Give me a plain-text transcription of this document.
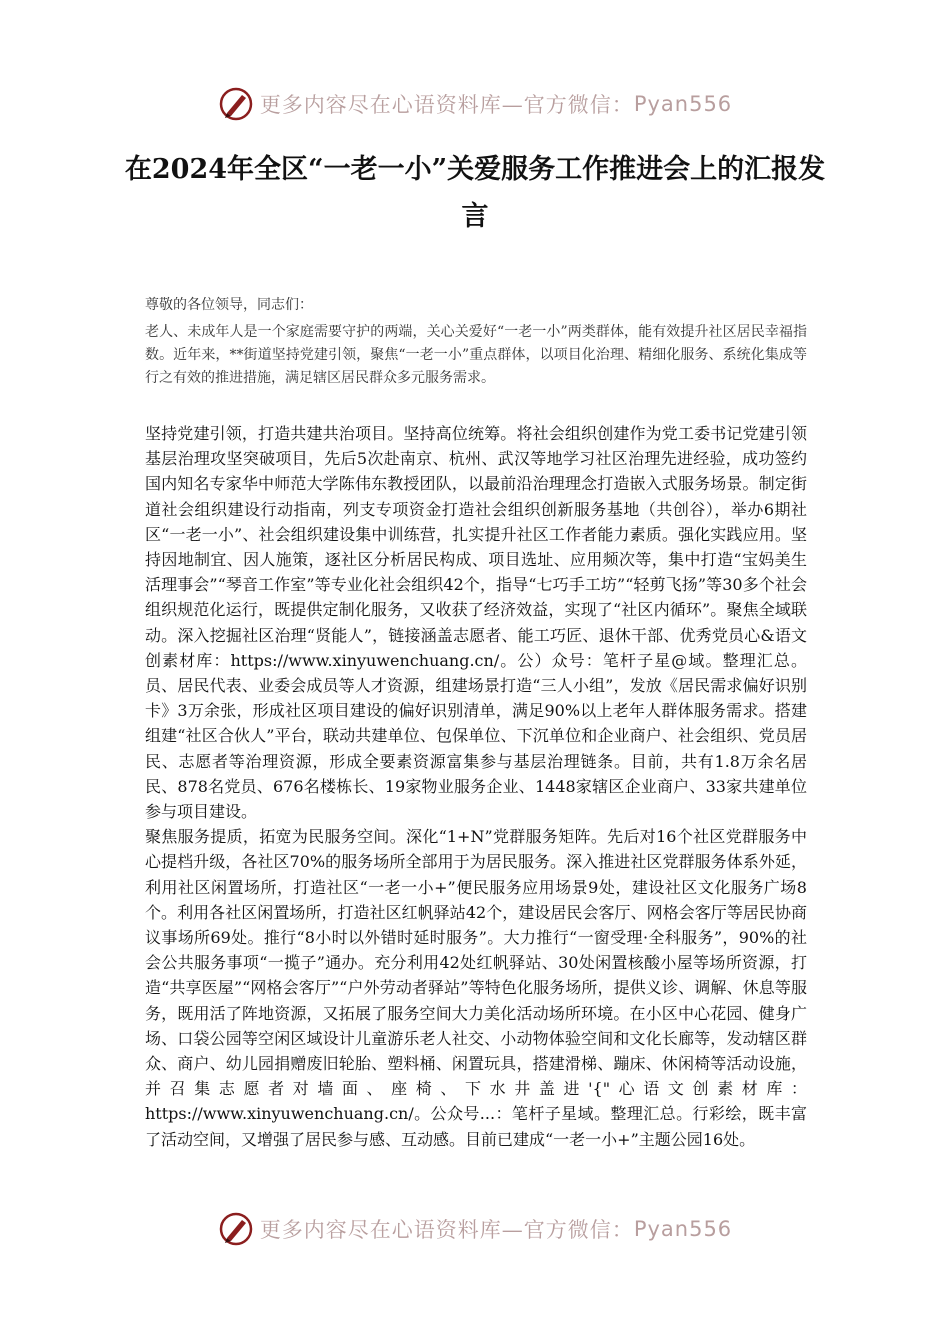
更多内容尽在心语资料库—官方微信： Pyan556
在2024年全区“一老一小”关爱服务工作推进会上的汇报发言

尊敬的各位领导，同志们：

老人、未成年人是一个家庭需要守护的两端，关心关爱好“一老一小”两类群体，能有效提升社区居民幸福指数。近年来，**街道坚持党建引领，聚焦“一老一小”重点群体，以项目化治理、精细化服务、系统化集成等行之有效的推进措施，满足辖区居民群众多元服务需求。

坚持党建引领，打造共建共治项目。坚持高位统筹。将社会组织创建作为党工委书记党建引领基层治理攻坚突破项目，先后5次赴南京、杭州、武汉等地学习社区治理先进经验，成功签约国内知名专家华中师范大学陈伟东教授团队，以最前沿治理理念打造嵌入式服务场景。制定街道社会组织建设行动指南，列支专项资金打造社会组织创新服务基地（共创谷），举办6期社区“一老一小”、社会组织建设集中训练营，扎实提升社区工作者能力素质。强化实践应用。坚持因地制宜、因人施策，逐社区分析居民构成、项目选址、应用频次等，集中打造“宝妈美生活理事会”“琴音工作室”等专业化社会组织42个，指导“七巧手工坊”“轻剪飞扬”等30多个社会组织规范化运行，既提供定制化服务，又收获了经济效益，实现了“社区内循环”。聚焦全域联动。深入挖掘社区治理“贤能人”，链接涵盖志愿者、能工巧匠、退休干部、优秀党员心&语文创素材库：https://www.xinyuwenchuang.cn/。公）众号：笔杆子星@域。整理汇总。员、居民代表、业委会成员等人才资源，组建场景打造“三人小组”，发放《居民需求偏好识别卡》3万余张，形成社区项目建设的偏好识别清单，满足90%以上老年人群体服务需求。搭建组建“社区合伙人”平台，联动共建单位、包保单位、下沉单位和企业商户、社会组织、党员居民、志愿者等治理资源，形成全要素资源富集参与基层治理链条。目前，共有1.8万余名居民、878名党员、676名楼栋长、19家物业服务企业、1448家辖区企业商户、33家共建单位参与项目建设。

聚焦服务提质，拓宽为民服务空间。深化“1+N”党群服务矩阵。先后对16个社区党群服务中心提档升级，各社区70%的服务场所全部用于为居民服务。深入推进社区党群服务体系外延，利用社区闲置场所，打造社区“一老一小+”便民服务应用场景9处，建设社区文化服务广场8个。利用各社区闲置场所，打造社区红帆驿站42个，建设居民会客厅、网格会客厅等居民协商议事场所69处。推行“8小时以外错时延时服务”。大力推行“一窗受理·全科服务”，90%的社会公共服务事项“一揽子”通办。充分利用42处红帆驿站、30处闲置核酸小屋等场所资源，打造“共享医屋”“网格会客厅”“户外劳动者驿站”等特色化服务场所，提供义诊、调解、休息等服务，既用活了阵地资源，又拓展了服务空间大力美化活动场所环境。在小区中心花园、健身广场、口袋公园等空闲区域设计儿童游乐老人社交、小动物体验空间和文化长廊等，发动辖区群众、商户、幼儿园捐赠废旧轮胎、塑料桶、闲置玩具，搭建滑梯、蹦床、休闲椅等活动设施，并召集志愿者对墙面、座椅、下水井盖进'{"心语文创素材库：https://www.xinyuwenchuang.cn/。公众号...：笔杆子星域。整理汇总。行彩绘，既丰富了活动空间，又增强了居民参与感、互动感。目前已建成“一老一小+”主题公园16处。

更多内容尽在心语资料库—官方微信： Pyan556
